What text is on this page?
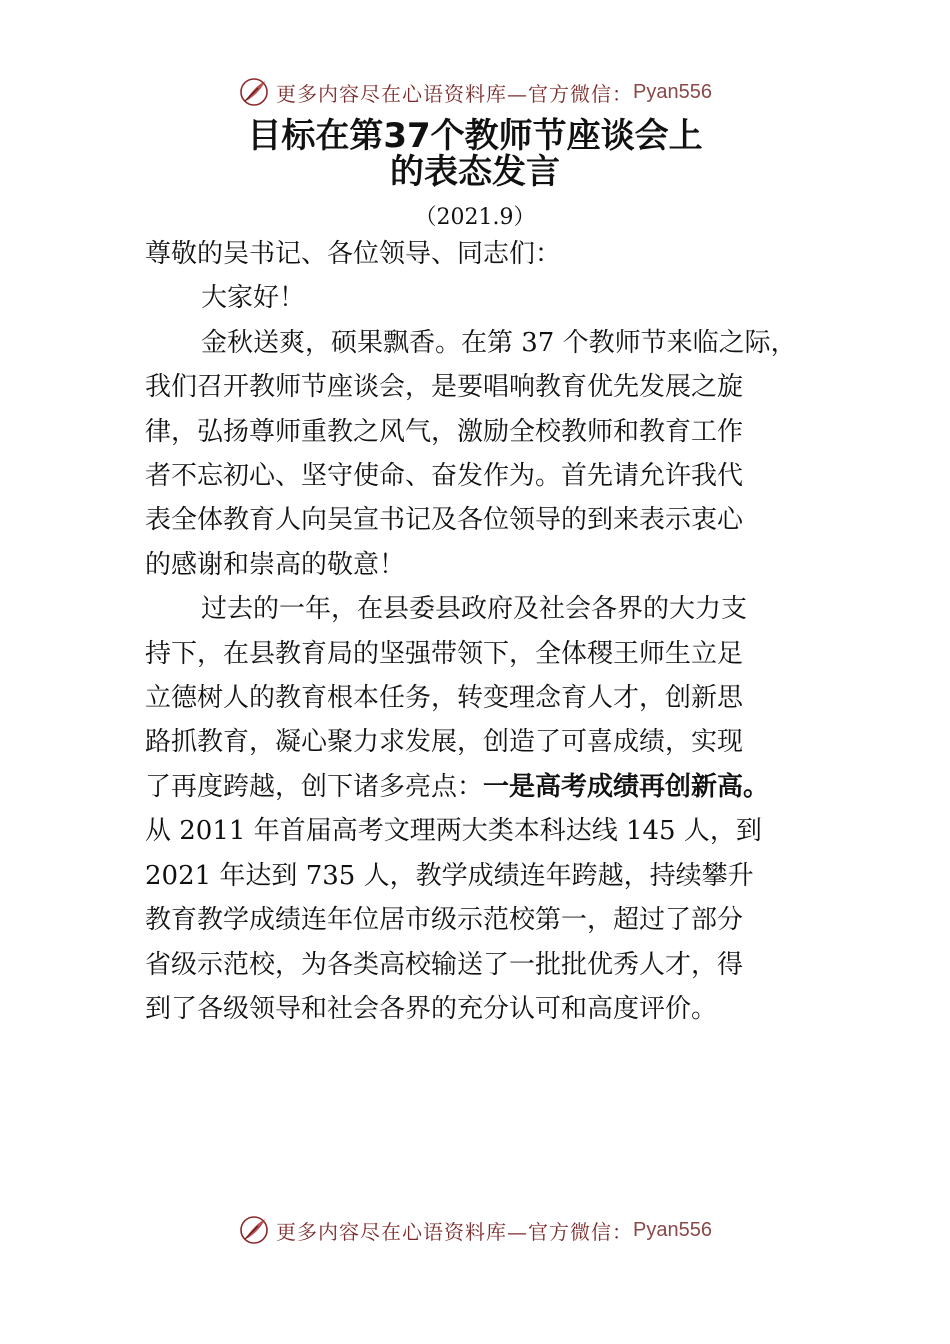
更多内容尽在心语资料库—官方微信： Pyan556
目标在第37个教师节座谈会上
的表态发言
（2021.9）
尊敬的吴书记、各位领导、同志们：
大家好！
金秋送爽，硕果飘香。在第 37 个教师节来临之际，
我们召开教师节座谈会，是要唱响教育优先发展之旋
律，弘扬尊师重教之风气，激励全校教师和教育工作
者不忘初心、坚守使命、奋发作为。首先请允许我代
表全体教育人向吴宣书记及各位领导的到来表示衷心
的感谢和崇高的敬意！
过去的一年，在县委县政府及社会各界的大力支
持下，在县教育局的坚强带领下，全体稷王师生立足
立德树人的教育根本任务，转变理念育人才，创新思
路抓教育，凝心聚力求发展，创造了可喜成绩，实现
了再度跨越，创下诸多亮点：一是高考成绩再创新高。
从 2011 年首届高考文理两大类本科达线 145 人，到
2021 年达到 735 人，教学成绩连年跨越，持续攀升
教育教学成绩连年位居市级示范校第一，超过了部分
省级示范校，为各类高校输送了一批批优秀人才，得
到了各级领导和社会各界的充分认可和高度评价。
更多内容尽在心语资料库—官方微信： Pyan556
